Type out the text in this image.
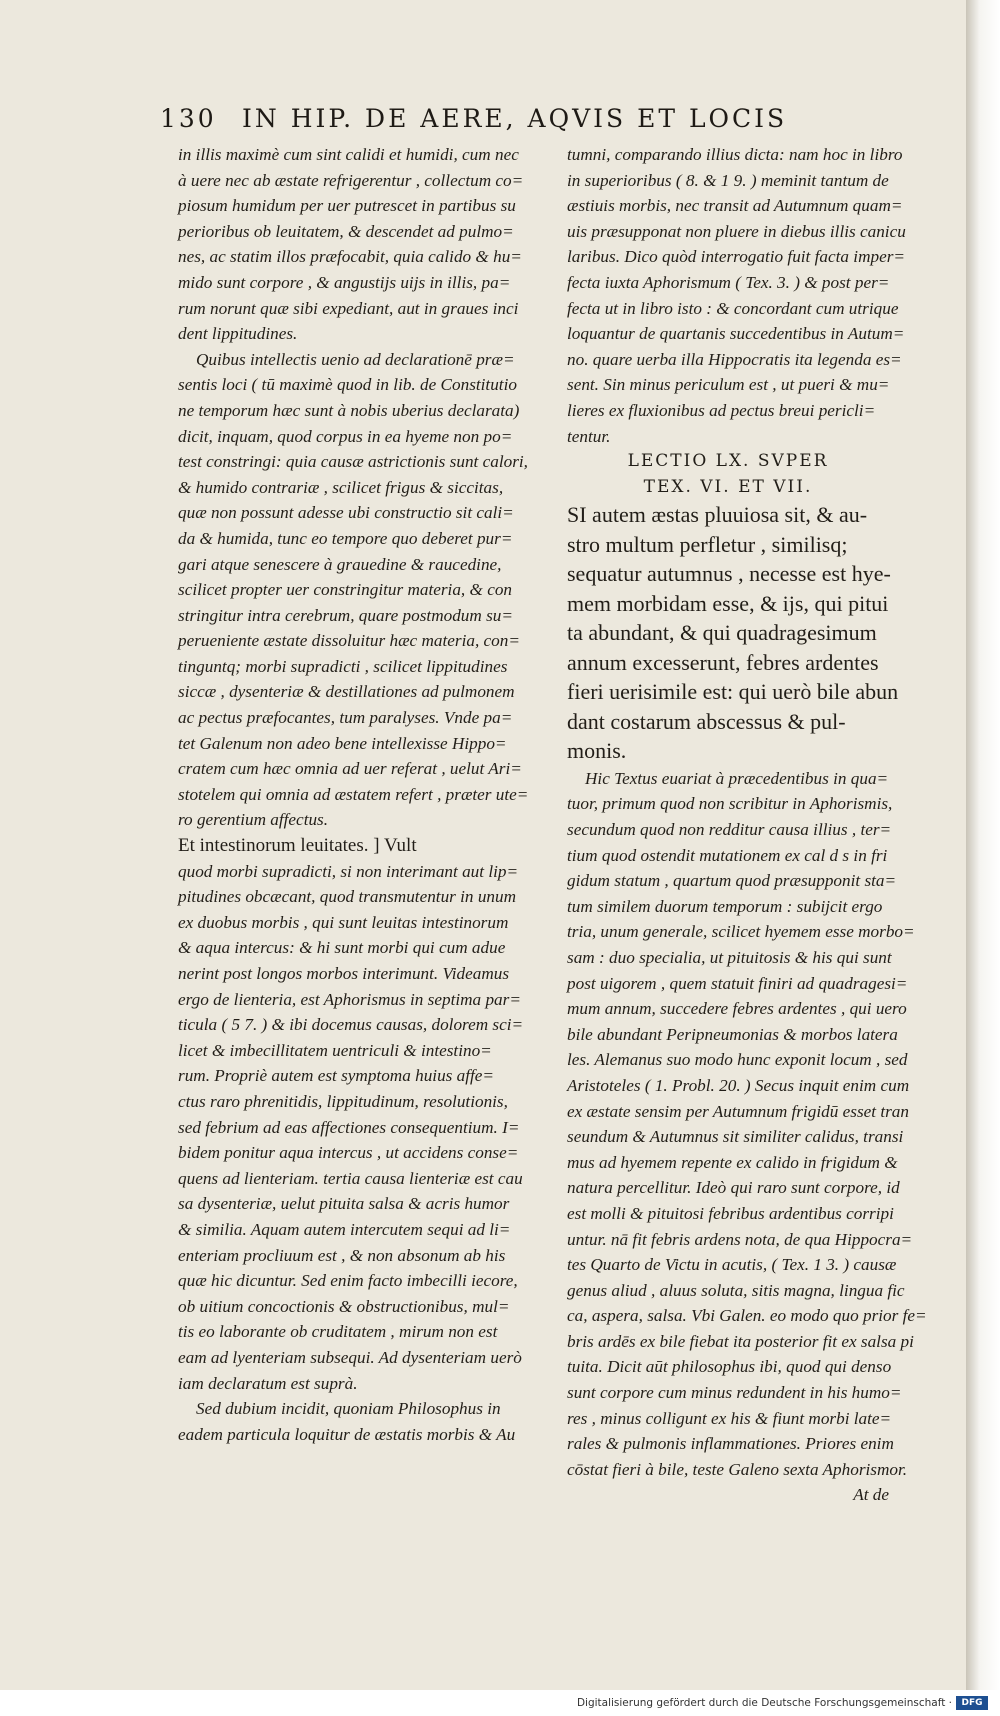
130 IN HIP. DE AERE, AQVIS ET LOCIS
in illis maximè cum sint calidi et humidi, cum nec
à uere nec ab æstate refrigerentur , collectum co=
piosum humidum per uer putrescet in partibus su
perioribus ob leuitatem, & descendet ad pulmo=
nes, ac statim illos præfocabit, quia calido & hu=
mido sunt corpore , & angustijs uijs in illis, pa=
rum norunt quæ sibi expediant, aut in graues inci
dent lippitudines.
Quibus intellectis uenio ad declarationē præ=
sentis loci ( tū maximè quod in lib. de Constitutio
ne temporum hæc sunt à nobis uberius declarata)
dicit, inquam, quod corpus in ea hyeme non po=
test constringi: quia causæ astrictionis sunt calori,
& humido contrariæ , scilicet frigus & siccitas,
quæ non possunt adesse ubi constructio sit cali=
da & humida, tunc eo tempore quo deberet pur=
gari atque senescere à grauedine & raucedine,
scilicet propter uer constringitur materia, & con
stringitur intra cerebrum, quare postmodum su=
perueniente æstate dissoluitur hæc materia, con=
tinguntq; morbi supradicti , scilicet lippitudines
siccæ , dysenteriæ & destillationes ad pulmonem
ac pectus præfocantes, tum paralyses. Vnde pa=
tet Galenum non adeo bene intellexisse Hippo=
cratem cum hæc omnia ad uer referat , uelut Ari=
stotelem qui omnia ad æstatem refert , præter ute=
ro gerentium affectus.
Et intestinorum leuitates. ] Vult
quod morbi supradicti, si non interimant aut lip=
pitudines obcæcant, quod transmutentur in unum
ex duobus morbis , qui sunt leuitas intestinorum
& aqua intercus: & hi sunt morbi qui cum adue
nerint post longos morbos interimunt. Videamus
ergo de lienteria, est Aphorismus in septima par=
ticula ( 5 7. ) & ibi docemus causas, dolorem sci=
licet & imbecillitatem uentriculi & intestino=
rum. Propriè autem est symptoma huius affe=
ctus raro phrenitidis, lippitudinum, resolutionis,
sed febrium ad eas affectiones consequentium. I=
bidem ponitur aqua intercus , ut accidens conse=
quens ad lienteriam. tertia causa lienteriæ est cau
sa dysenteriæ, uelut pituita salsa & acris humor
& similia. Aquam autem intercutem sequi ad li=
enteriam procliuum est , & non absonum ab his
quæ hic dicuntur. Sed enim facto imbecilli iecore,
ob uitium concoctionis & obstructionibus, mul=
tis eo laborante ob cruditatem , mirum non est
eam ad lyenteriam subsequi. Ad dysenteriam uerò
iam declaratum est suprà.
Sed dubium incidit, quoniam Philosophus in
eadem particula loquitur de æstatis morbis & Au
tumni, comparando illius dicta: nam hoc in libro
in superioribus ( 8. & 1 9. ) meminit tantum de
æstiuis morbis, nec transit ad Autumnum quam=
uis præsupponat non pluere in diebus illis canicu
laribus. Dico quòd interrogatio fuit facta imper=
fecta iuxta Aphorismum ( Tex. 3. ) & post per=
fecta ut in libro isto : & concordant cum utrique
loquantur de quartanis succedentibus in Autum=
no. quare uerba illa Hippocratis ita legenda es=
sent. Sin minus periculum est , ut pueri & mu=
lieres ex fluxionibus ad pectus breui pericli=
tentur.
LECTIO LX. SVPER
TEX. VI. ET VII.
SI autem æstas pluuiosa sit, & au-
stro multum perfletur , similisq;
sequatur autumnus , necesse est hye-
mem morbidam esse, & ijs, qui pitui
ta abundant, & qui quadragesimum
annum excesserunt, febres ardentes
fieri uerisimile est: qui uerò bile abun
dant costarum abscessus & pul-
monis.
Hic Textus euariat à præcedentibus in qua=
tuor, primum quod non scribitur in Aphorismis,
secundum quod non redditur causa illius , ter=
tium quod ostendit mutationem ex cal d s in fri
gidum statum , quartum quod præsupponit sta=
tum similem duorum temporum : subijcit ergo
tria, unum generale, scilicet hyemem esse morbo=
sam : duo specialia, ut pituitosis & his qui sunt
post uigorem , quem statuit finiri ad quadragesi=
mum annum, succedere febres ardentes , qui uero
bile abundant Peripneumonias & morbos latera
les. Alemanus suo modo hunc exponit locum , sed
Aristoteles ( 1. Probl. 20. ) Secus inquit enim cum
ex æstate sensim per Autumnum frigidū esset tran
seundum & Autumnus sit similiter calidus, transi
mus ad hyemem repente ex calido in frigidum &
natura percellitur. Ideò qui raro sunt corpore, id
est molli & pituitosi febribus ardentibus corripi
untur. nā fit febris ardens nota, de qua Hippocra=
tes Quarto de Victu in acutis, ( Tex. 1 3. ) causæ
genus aliud , aluus soluta, sitis magna, lingua fic
ca, aspera, salsa. Vbi Galen. eo modo quo prior fe=
bris ardēs ex bile fiebat ita posterior fit ex salsa pi
tuita. Dicit aūt philosophus ibi, quod qui denso
sunt corpore cum minus redundent in his humo=
res , minus colligunt ex his & fiunt morbi late=
rales & pulmonis inflammationes. Priores enim
cōstat fieri à bile, teste Galeno sexta Aphorismor.
At de
Digitalisierung gefördert durch die Deutsche Forschungsgemeinschaft ·	DFG
